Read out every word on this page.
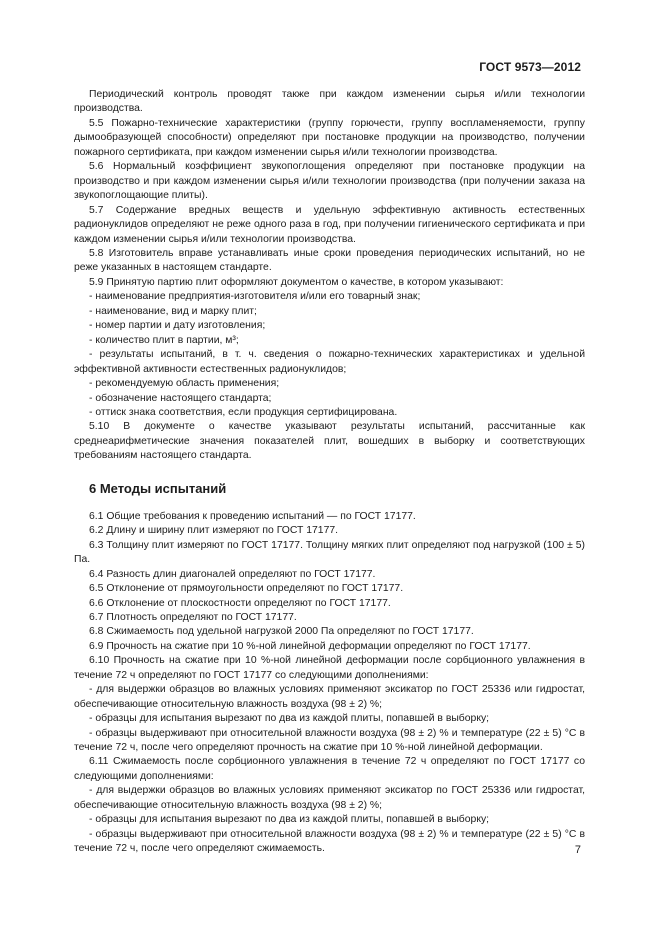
ГОСТ 9573—2012

Периодический контроль проводят также при каждом изменении сырья и/или технологии производства.

5.5 Пожарно-технические характеристики (группу горючести, группу воспламеняемости, группу дымообразующей способности) определяют при постановке продукции на производство, получении пожарного сертификата, при каждом изменении сырья и/или технологии производства.

5.6 Нормальный коэффициент звукопоглощения определяют при постановке продукции на производство и при каждом изменении сырья и/или технологии производства (при получении заказа на звукопоглощающие плиты).

5.7 Содержание вредных веществ и удельную эффективную активность естественных радионуклидов определяют не реже одного раза в год, при получении гигиенического сертификата и при каждом изменении сырья и/или технологии производства.

5.8 Изготовитель вправе устанавливать иные сроки проведения периодических испытаний, но не реже указанных в настоящем стандарте.

5.9 Принятую партию плит оформляют документом о качестве, в котором указывают:

- наименование предприятия-изготовителя и/или его товарный знак;

- наименование, вид и марку плит;

- номер партии и дату изготовления;

- количество плит в партии, м³;

- результаты испытаний, в т. ч. сведения о пожарно-технических характеристиках и удельной эффективной активности естественных радионуклидов;

- рекомендуемую область применения;

- обозначение настоящего стандарта;

- оттиск знака соответствия, если продукция сертифицирована.

5.10 В документе о качестве указывают результаты испытаний, рассчитанные как среднеарифметические значения показателей плит, вошедших в выборку и соответствующих требованиям настоящего стандарта.

6 Методы испытаний

6.1 Общие требования к проведению испытаний — по ГОСТ 17177.

6.2 Длину и ширину плит измеряют по ГОСТ 17177.

6.3 Толщину плит измеряют по ГОСТ 17177. Толщину мягких плит определяют под нагрузкой (100 ± 5) Па.

6.4 Разность длин диагоналей определяют по ГОСТ 17177.

6.5 Отклонение от прямоугольности определяют по ГОСТ 17177.

6.6 Отклонение от плоскостности определяют по ГОСТ 17177.

6.7 Плотность определяют по ГОСТ 17177.

6.8 Сжимаемость под удельной нагрузкой 2000 Па определяют по ГОСТ 17177.

6.9 Прочность на сжатие при 10 %-ной линейной деформации определяют по ГОСТ 17177.

6.10 Прочность на сжатие при 10 %-ной линейной деформации после сорбционного увлажнения в течение 72 ч определяют по ГОСТ 17177 со следующими дополнениями:

- для выдержки образцов во влажных условиях применяют эксикатор по ГОСТ 25336 или гидростат, обеспечивающие относительную влажность воздуха (98 ± 2) %;

- образцы для испытания вырезают по два из каждой плиты, попавшей в выборку;

- образцы выдерживают при относительной влажности воздуха (98 ± 2) % и температуре (22 ± 5) °С в течение 72 ч, после чего определяют прочность на сжатие при 10 %-ной линейной деформации.

6.11 Сжимаемость после сорбционного увлажнения в течение 72 ч определяют по ГОСТ 17177 со следующими дополнениями:

- для выдержки образцов во влажных условиях применяют эксикатор по ГОСТ 25336 или гидростат, обеспечивающие относительную влажность воздуха (98 ± 2) %;

- образцы для испытания вырезают по два из каждой плиты, попавшей в выборку;

- образцы выдерживают при относительной влажности воздуха (98 ± 2) % и температуре (22 ± 5) °С в течение 72 ч, после чего определяют сжимаемость.	7
